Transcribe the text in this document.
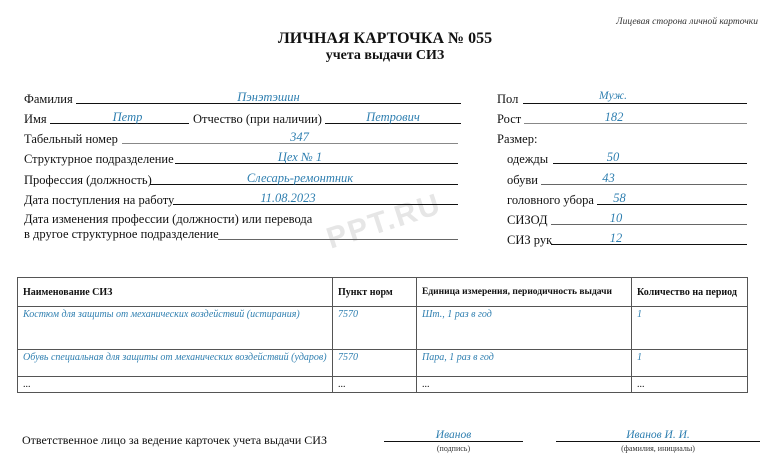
Лицевая сторона личной карточки
ЛИЧНАЯ КАРТОЧКА № 055
учета выдачи СИЗ
PPT.RU
Фамилия	Пэнэтэшин
Имя	Петр	Отчество (при наличии)	Петрович
Табельный номер	347
Структурное подразделение	Цех № 1
Профессия (должность)	Слесарь-ремонтник
Дата поступления на работу	11.08.2023
Дата изменения профессии (должности) или перевода
в другое структурное подразделение
Пол	Муж.
Рост	182
Размер:
одежды	50
обуви	43
головного убора	58
СИЗОД	10
СИЗ рук	12
Наименование СИЗ	Пункт норм	Единица измерения, периодичность выдачи	Количество на период
Костюм для защиты от механических воздействий (истирания)	7570	Шт., 1 раз в год	1
Обувь специальная для защиты от механических воздействий (ударов)	7570	Пара, 1 раз в год	1
...	...	...	...
Ответственное лицо за ведение карточек учета выдачи СИЗ	Иванов
(подпись)
Иванов И. И.
(фамилия, инициалы)
